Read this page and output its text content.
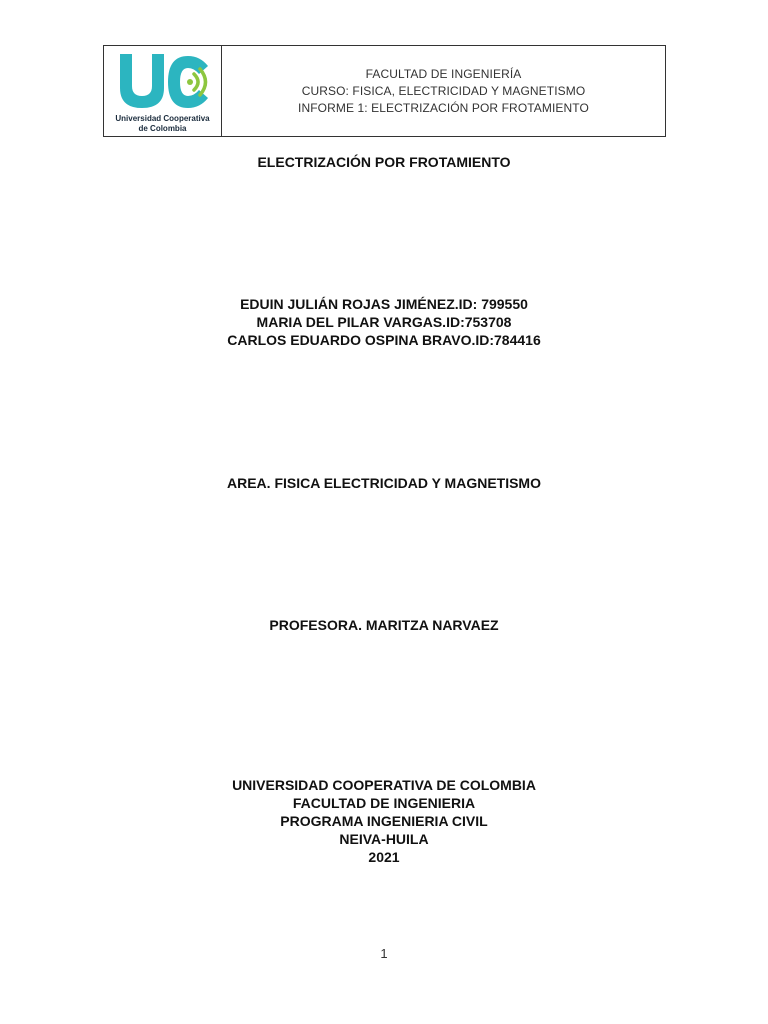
Universidad Cooperativa
de Colombia
FACULTAD DE INGENIERÍA
CURSO: FISICA, ELECTRICIDAD Y MAGNETISMO
INFORME 1: ELECTRIZACIÓN POR FROTAMIENTO
ELECTRIZACIÓN POR FROTAMIENTO
EDUIN JULIÁN ROJAS JIMÉNEZ.ID: 799550
MARIA DEL PILAR VARGAS.ID:753708
CARLOS EDUARDO OSPINA BRAVO.ID:784416
AREA. FISICA ELECTRICIDAD Y MAGNETISMO
PROFESORA. MARITZA NARVAEZ
UNIVERSIDAD COOPERATIVA DE COLOMBIA
FACULTAD DE INGENIERIA
PROGRAMA INGENIERIA CIVIL
NEIVA-HUILA
2021
1
